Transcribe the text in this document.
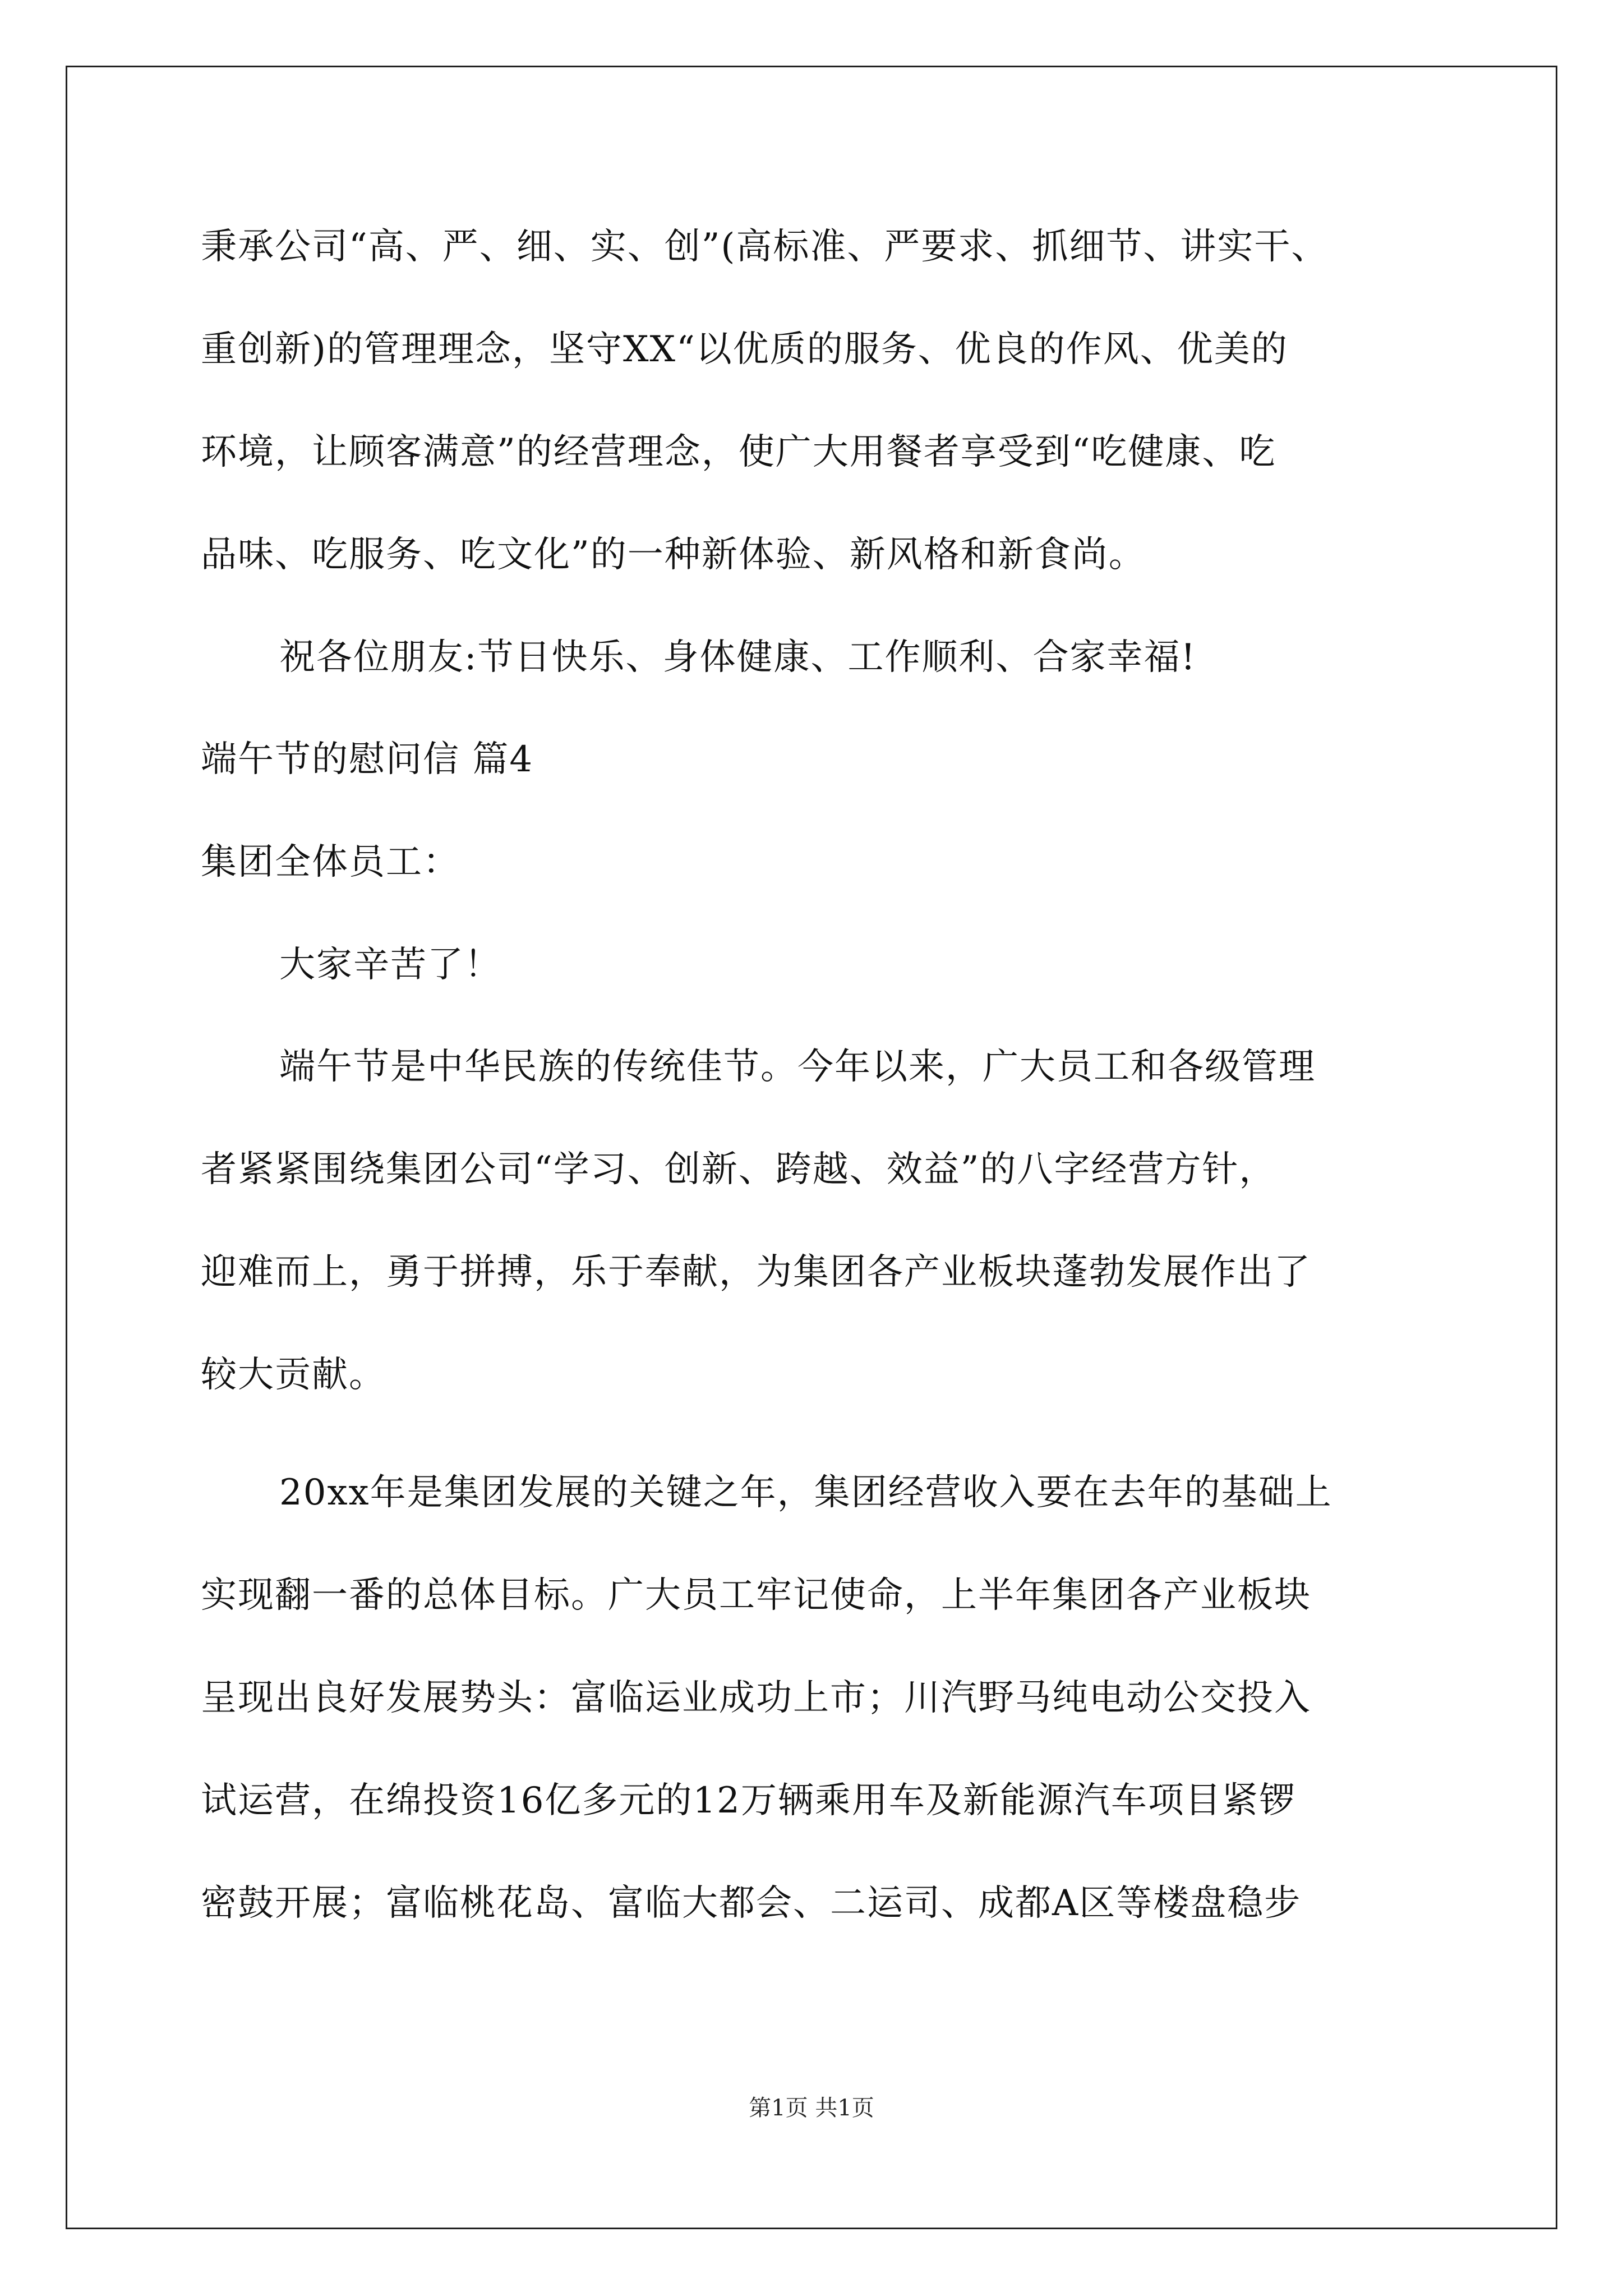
秉承公司“高、严、细、实、创”(高标准、严要求、抓细节、讲实干、
重创新)的管理理念，坚守XX“以优质的服务、优良的作风、优美的
环境，让顾客满意”的经营理念，使广大用餐者享受到“吃健康、吃
品味、吃服务、吃文化”的一种新体验、新风格和新食尚。
祝各位朋友:节日快乐、身体健康、工作顺利、合家幸福!
端午节的慰问信 篇4
集团全体员工：
大家辛苦了！
端午节是中华民族的传统佳节。今年以来，广大员工和各级管理
者紧紧围绕集团公司“学习、创新、跨越、效益”的八字经营方针，
迎难而上，勇于拼搏，乐于奉献，为集团各产业板块蓬勃发展作出了
较大贡献。
20xx年是集团发展的关键之年，集团经营收入要在去年的基础上
实现翻一番的总体目标。广大员工牢记使命，上半年集团各产业板块
呈现出良好发展势头：富临运业成功上市；川汽野马纯电动公交投入
试运营，在绵投资16亿多元的12万辆乘用车及新能源汽车项目紧锣
密鼓开展；富临桃花岛、富临大都会、二运司、成都A区等楼盘稳步
第1页 共1页
